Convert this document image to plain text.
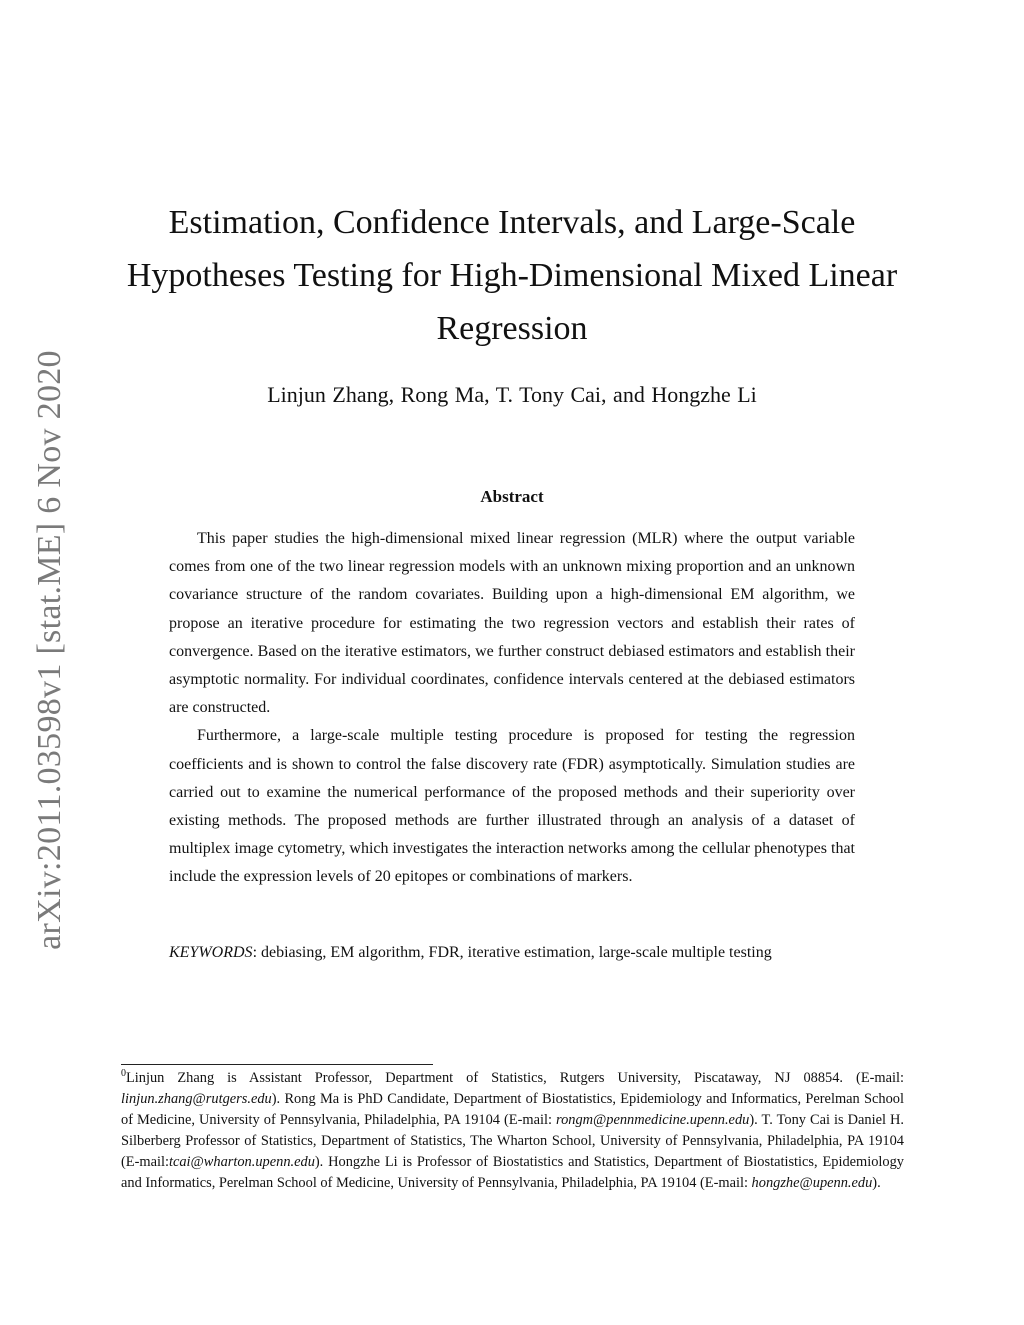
arXiv:2011.03598v1 [stat.ME] 6 Nov 2020
Estimation, Confidence Intervals, and Large-Scale
Hypotheses Testing for High-Dimensional Mixed Linear
Regression
Linjun Zhang, Rong Ma, T. Tony Cai, and Hongzhe Li
Abstract

This paper studies the high-dimensional mixed linear regression (MLR) where the output variable comes from one of the two linear regression models with an unknown mixing proportion and an unknown covariance structure of the random covariates. Building upon a high-dimensional EM algorithm, we propose an iterative procedure for estimating the two regression vectors and establish their rates of convergence. Based on the iterative estimators, we further construct debiased estimators and establish their asymptotic normality. For individual coordinates, confidence intervals centered at the debiased estimators are constructed.

Furthermore, a large-scale multiple testing procedure is proposed for testing the regression coefficients and is shown to control the false discovery rate (FDR) asymptotically. Simulation studies are carried out to examine the numerical performance of the proposed methods and their superiority over existing methods. The proposed methods are further illustrated through an analysis of a dataset of multiplex image cytometry, which investigates the interaction networks among the cellular phenotypes that include the expression levels of 20 epitopes or combinations of markers.

KEYWORDS: debiasing, EM algorithm, FDR, iterative estimation, large-scale multiple testing
$^0$Linjun Zhang is Assistant Professor, Department of Statistics, Rutgers University, Piscataway, NJ 08854. (E-mail: linjun.zhang@rutgers.edu). Rong Ma is PhD Candidate, Department of Biostatistics, Epidemiology and Informatics, Perelman School of Medicine, University of Pennsylvania, Philadelphia, PA 19104 (E-mail: rongm@pennmedicine.upenn.edu). T. Tony Cai is Daniel H. Silberberg Professor of Statistics, Department of Statistics, The Wharton School, University of Pennsylvania, Philadelphia, PA 19104 (E-mail:tcai@wharton.upenn.edu). Hongzhe Li is Professor of Biostatistics and Statistics, Department of Biostatistics, Epidemiology and Informatics, Perelman School of Medicine, University of Pennsylvania, Philadelphia, PA 19104 (E-mail: hongzhe@upenn.edu).
